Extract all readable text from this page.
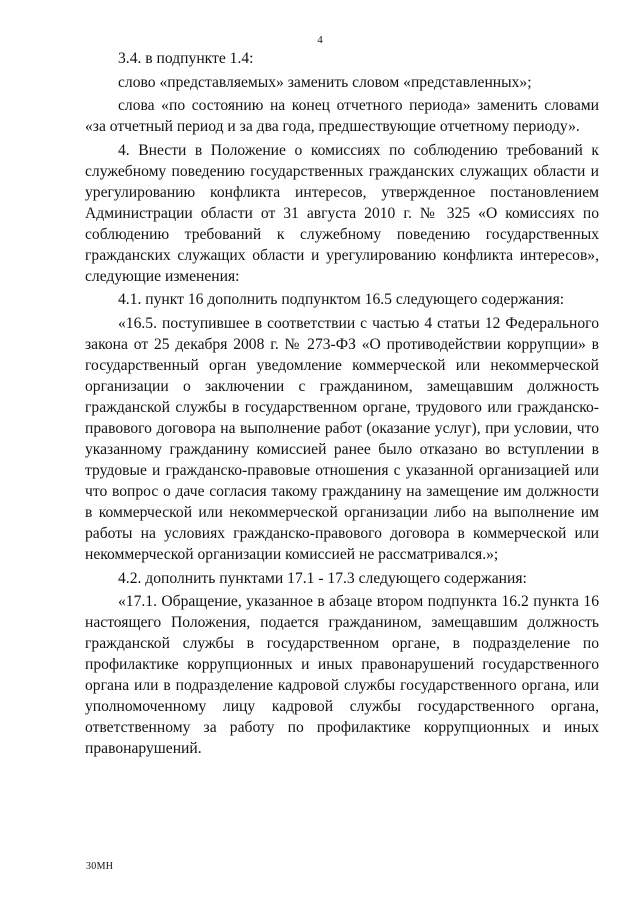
4

3.4. в подпункте 1.4:

слово «представляемых» заменить словом «представленных»;

слова «по состоянию на конец отчетного периода» заменить словами «за отчетный период и за два года, предшествующие отчетному периоду».

4. Внести в Положение о комиссиях по соблюдению требований к служебному поведению государственных гражданских служащих области и урегулированию конфликта интересов, утвержденное постановлением Администрации области от 31 августа 2010 г. № 325 «О комиссиях по соблюдению требований к служебному поведению государственных гражданских служащих области и урегулированию конфликта интересов», следующие изменения:

4.1. пункт 16 дополнить подпунктом 16.5 следующего содержания:

«16.5. поступившее в соответствии с частью 4 статьи 12 Федерального закона от 25 декабря 2008 г. № 273-ФЗ «О противодействии коррупции» в государственный орган уведомление коммерческой или некоммерческой организации о заключении с гражданином, замещавшим должность гражданской службы в государственном органе, трудового или гражданско-правового договора на выполнение работ (оказание услуг), при условии, что указанному гражданину комиссией ранее было отказано во вступлении в трудовые и гражданско-правовые отношения с указанной организацией или что вопрос о даче согласия такому гражданину на замещение им должности в коммерческой или некоммерческой организации либо на выполнение им работы на условиях гражданско-правового договора в коммерческой или некоммерческой организации комиссией не рассматривался.»;

4.2. дополнить пунктами 17.1 - 17.3 следующего содержания:

«17.1. Обращение, указанное в абзаце втором подпункта 16.2 пункта 16 настоящего Положения, подается гражданином, замещавшим должность гражданской службы в государственном органе, в подразделение по профилактике коррупционных и иных правонарушений государственного органа или в подразделение кадровой службы государственного органа, или уполномоченному лицу кадровой службы государственного органа, ответственному за работу по профилактике коррупционных и иных правонарушений.

30МН
